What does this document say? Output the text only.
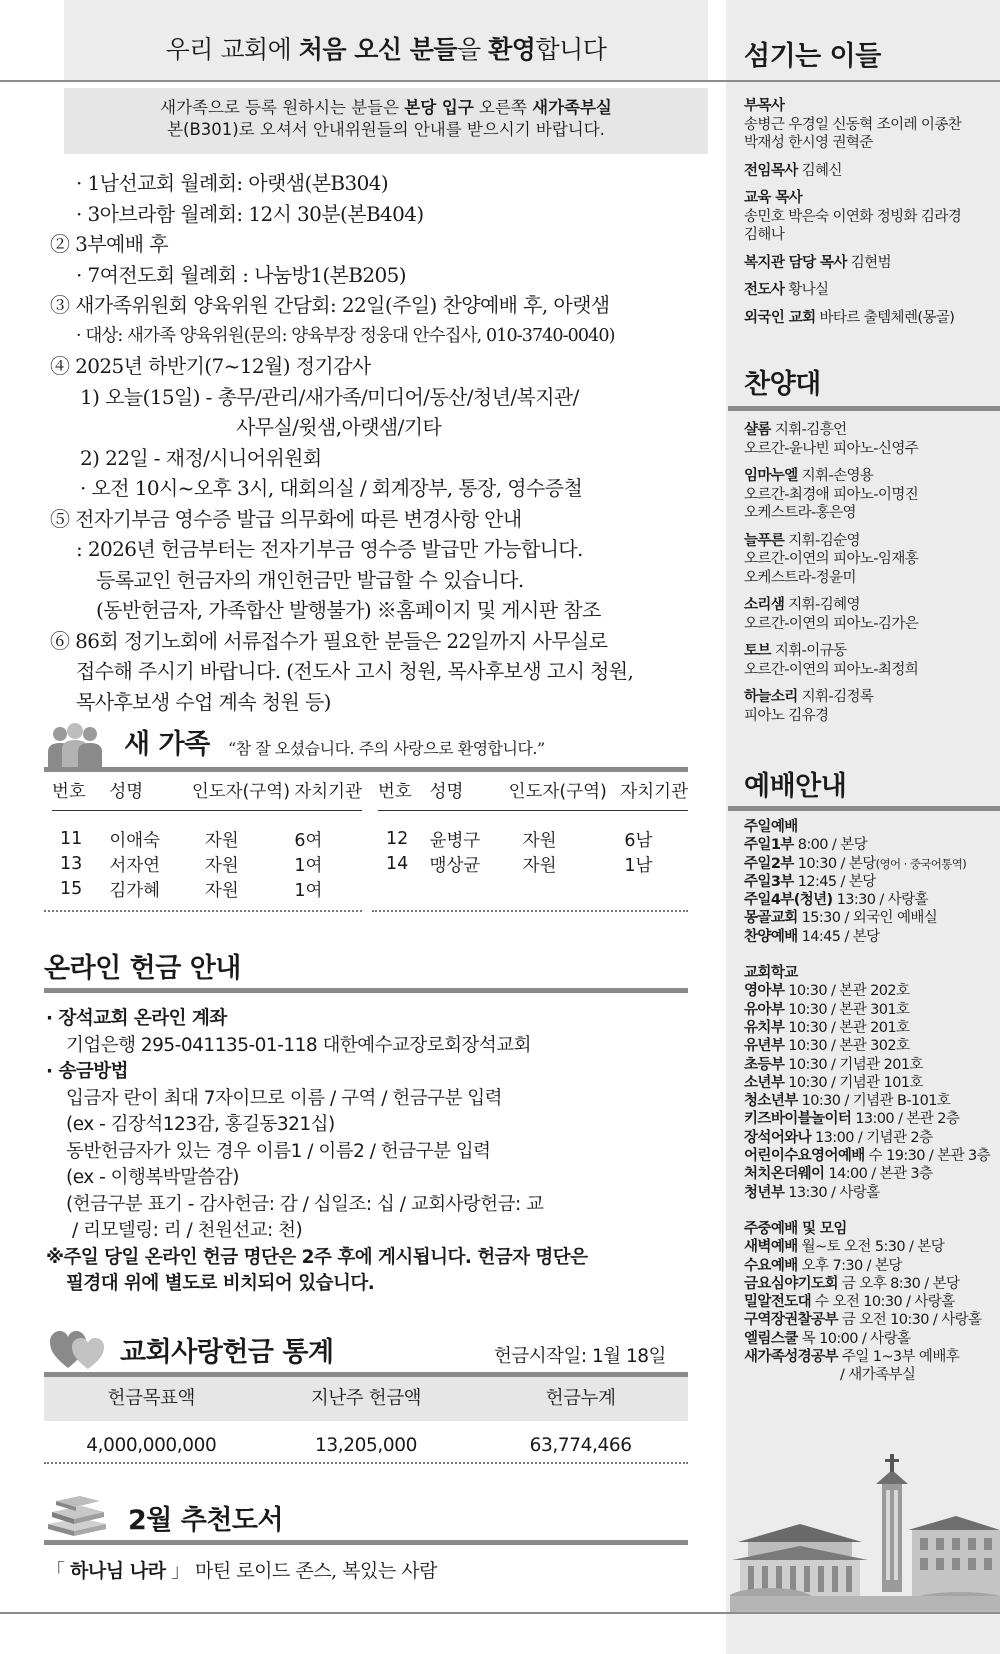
우리 교회에 처음 오신 분들을 환영합니다
새가족으로 등록 원하시는 분들은 본당 입구 오른쪽 새가족부실
본(B301)로 오셔서 안내위원들의 안내를 받으시기 바랍니다.
· 1남선교회 월례회: 아랫샘(본B304)
· 3아브라함 월례회: 12시 30분(본B404)
② 3부예배 후
· 7여전도회 월례회 : 나눔방1(본B205)
③ 새가족위원회 양육위원 간담회: 22일(주일) 찬양예배 후, 아랫샘
· 대상: 새가족 양육위원(문의: 양육부장 정웅대 안수집사, 010-3740-0040)
④ 2025년 하반기(7~12월) 정기감사
1) 오늘(15일) - 총무/관리/새가족/미디어/동산/청년/복지관/
사무실/윗샘,아랫샘/기타
2) 22일 - 재정/시니어위원회
· 오전 10시~오후 3시, 대회의실 / 회계장부, 통장, 영수증철
⑤ 전자기부금 영수증 발급 의무화에 따른 변경사항 안내
: 2026년 헌금부터는 전자기부금 영수증 발급만 가능합니다.
등록교인 헌금자의 개인헌금만 발급할 수 있습니다.
(동반헌금자, 가족합산 발행불가) ※홈페이지 및 게시판 참조
⑥ 86회 정기노회에 서류접수가 필요한 분들은 22일까지 사무실로
접수해 주시기 바랍니다. (전도사 고시 청원, 목사후보생 고시 청원,
목사후보생 수업 계속 청원 등)
새 가족 “참 잘 오셨습니다. 주의 사랑으로 환영합니다.”
번호	성명	인도자(구역)	자치기관
11	이애숙	자원	6여
13	서자연	자원	1여
15	김가혜	자원	1여
번호	성명	인도자(구역)	자치기관
12	윤병구	자원	6남
14	맹상균	자원	1남
온라인 헌금 안내
· 장석교회 온라인 계좌
기업은행 295-041135-01-118 대한예수교장로회장석교회
· 송금방법
입금자 란이 최대 7자이므로 이름 / 구역 / 헌금구분 입력
(ex - 김장석123감, 홍길동321십)
동반헌금자가 있는 경우 이름1 / 이름2 / 헌금구분 입력
(ex - 이행복박말씀감)
(헌금구분 표기 - 감사헌금: 감 / 십일조: 십 / 교회사랑헌금: 교
/ 리모델링: 리 / 천원선교: 천)
※주일 당일 온라인 헌금 명단은 2주 후에 게시됩니다. 헌금자 명단은
필경대 위에 별도로 비치되어 있습니다.
교회사랑헌금 통계	헌금시작일: 1월 18일
헌금목표액	지난주 헌금액	헌금누계
4,000,000,000	13,205,000	63,774,466
2월 추천도서
「 하나님 나라 」 마틴 로이드 존스, 복있는 사람
섬기는 이들
부목사
송병근 우경일 신동혁 조이레 이종찬
박재성 한시영 권혁준
전임목사 김혜신
교육 목사
송민호 박은숙 이연화 정빙화 김라경
김해나
복지관 담당 목사 김현범
전도사 황나실
외국인 교회 바타르 출템체렌(몽골)
찬양대
샬롬 지휘-김흥언
오르간-윤나빈 피아노-신영주
임마누엘 지휘-손영용
오르간-최경애 피아노-이명진
오케스트라-홍은영
늘푸른 지휘-김순영
오르간-이연의 피아노-임재홍
오케스트라-정윤미
소리샘 지휘-김혜영
오르간-이연의 피아노-김가은
토브 지휘-이규동
오르간-이연의 피아노-최정희
하늘소리 지휘-김정록
피아노 김유경
예배안내
주일예배
주일1부 8:00 / 본당
주일2부 10:30 / 본당(영어 · 중국어통역)
주일3부 12:45 / 본당
주일4부(청년) 13:30 / 사랑홀
몽골교회 15:30 / 외국인 예배실
찬양예배 14:45 / 본당
교회학교
영아부 10:30 / 본관 202호
유아부 10:30 / 본관 301호
유치부 10:30 / 본관 201호
유년부 10:30 / 본관 302호
초등부 10:30 / 기념관 201호
소년부 10:30 / 기념관 101호
청소년부 10:30 / 기념관 B-101호
키즈바이블놀이터 13:00 / 본관 2층
장석어와나 13:00 / 기념관 2층
어린이수요영어예배 수 19:30 / 본관 3층
처치온더웨이 14:00 / 본관 3층
청년부 13:30 / 사랑홀
주중예배 및 모임
새벽예배 월~토 오전 5:30 / 본당
수요예배 오후 7:30 / 본당
금요심야기도회 금 오후 8:30 / 본당
밀알전도대 수 오전 10:30 / 사랑홀
구역장권찰공부 금 오전 10:30 / 사랑홀
엘림스쿨 목 10:00 / 사랑홀
새가족성경공부 주일 1~3부 예배후
/ 새가족부실
